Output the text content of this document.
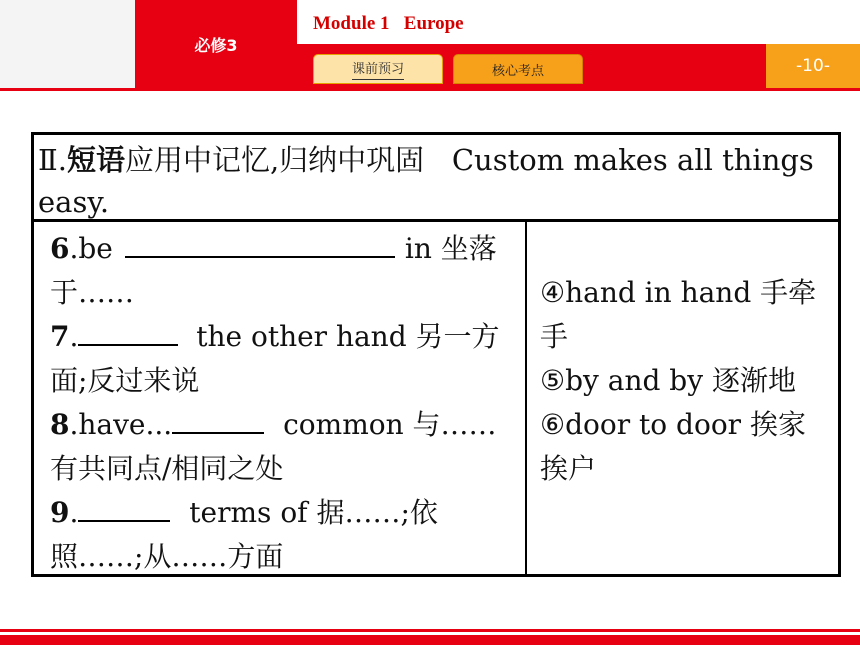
必修3
Module 1   Europe
课前预习	核心考点	-10-
Ⅱ.短语应用中记忆,归纳中巩固 Custom makes all things easy.
6.be	in 坐落于……
7.	the other hand 另一方面;反过来说
8.have...	common 与……有共同点/相同之处
9.	terms of 据……;依照……;从……方面
④hand in hand 手牵手
⑤by and by 逐渐地
⑥door to door 挨家挨户
